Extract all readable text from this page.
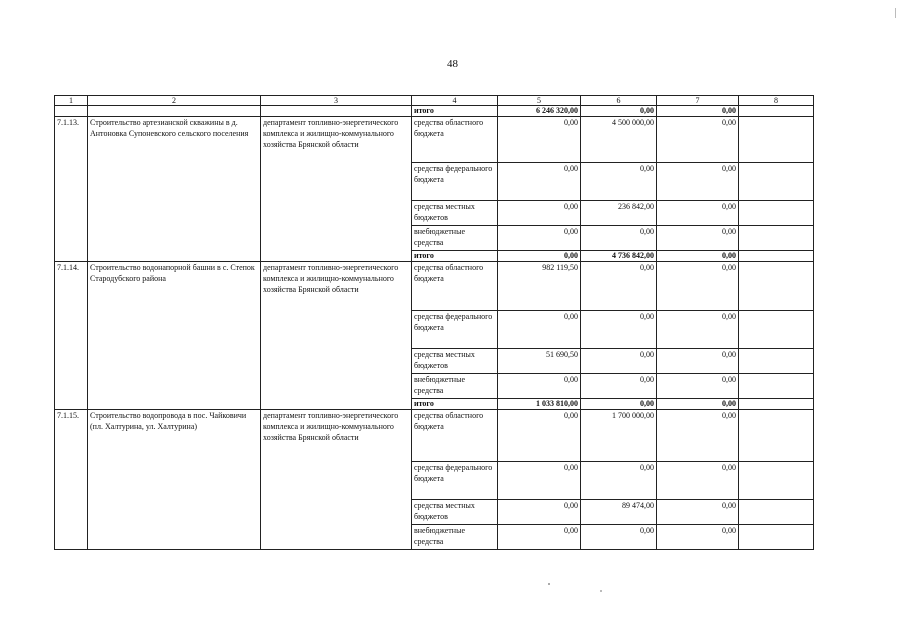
48
1	2	3	4	5	6	7	8
			итого	6 246 320,00	0,00	0,00	
7.1.13.	Строительство артезианской скважины в д. Антоновка Супоневского сельского поселения	департамент топливно-энергетического комплекса и жилищно-коммунального хозяйства Брянской области	средства областного бюджета	0,00	4 500 000,00	0,00	
			средства федерального бюджета	0,00	0,00	0,00	
			средства местных бюджетов	0,00	236 842,00	0,00	
			внебюджетные средства	0,00	0,00	0,00	
			итого	0,00	4 736 842,00	0,00	
7.1.14.	Строительство водонапорной башни в с. Степок Стародубского района	департамент топливно-энергетического комплекса и жилищно-коммунального хозяйства Брянской области	средства областного бюджета	982 119,50	0,00	0,00	
			средства федерального бюджета	0,00	0,00	0,00	
			средства местных бюджетов	51 690,50	0,00	0,00	
			внебюджетные средства	0,00	0,00	0,00	
			итого	1 033 810,00	0,00	0,00	
7.1.15.	Строительство водопровода в пос. Чайковичи (пл. Халтурина, ул. Халтурина)	департамент топливно-энергетического комплекса и жилищно-коммунального хозяйства Брянской области	средства областного бюджета	0,00	1 700 000,00	0,00	
			средства федерального бюджета	0,00	0,00	0,00	
			средства местных бюджетов	0,00	89 474,00	0,00	
			внебюджетные средства	0,00	0,00	0,00	
